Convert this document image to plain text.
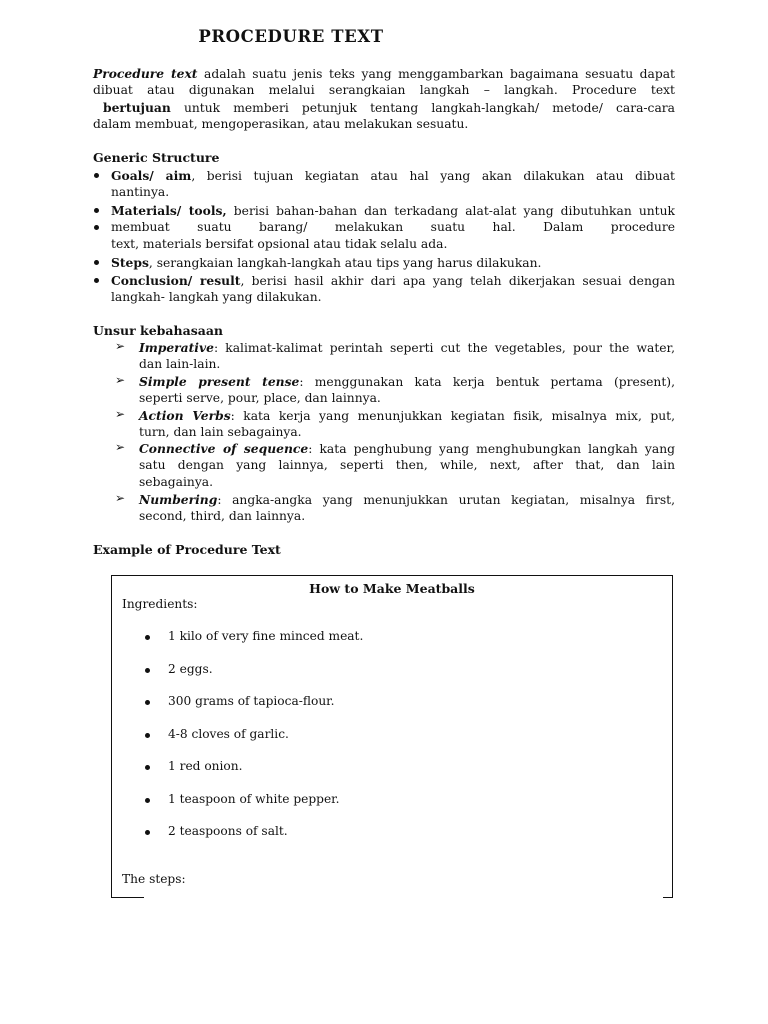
PROCEDURE TEXT
Procedure text adalah suatu jenis teks yang menggambarkan bagaimana sesuatu dapat
dibuat atau digunakan melalui serangkaian langkah – langkah. Procedure text
bertujuan untuk memberi petunjuk tentang langkah-langkah/ metode/ cara-cara
dalam membuat, mengoperasikan, atau melakukan sesuatu.
Generic Structure
Goals/ aim, berisi tujuan kegiatan atau hal yang akan dilakukan atau dibuat
nantinya.
Materials/ tools, berisi bahan-bahan dan terkadang alat-alat yang dibutuhkan untuk
membuat suatu barang/ melakukan suatu hal. Dalam procedure
text, materials bersifat opsional atau tidak selalu ada.
Steps, serangkaian langkah-langkah atau tips yang harus dilakukan.
Conclusion/ result, berisi hasil akhir dari apa yang telah dikerjakan sesuai dengan
langkah- langkah yang dilakukan.
Unsur kebahasaan
➢ Imperative: kalimat-kalimat perintah seperti cut the vegetables, pour the water,
dan lain-lain.
➢ Simple present tense: menggunakan kata kerja bentuk pertama (present),
seperti serve, pour, place, dan lainnya.
➢ Action Verbs: kata kerja yang menunjukkan kegiatan fisik, misalnya mix, put,
turn, dan lain sebagainya.
➢ Connective of sequence: kata penghubung yang menghubungkan langkah yang
satu dengan yang lainnya, seperti then, while, next, after that, dan lain
sebagainya.
➢ Numbering: angka-angka yang menunjukkan urutan kegiatan, misalnya first,
second, third, dan lainnya.
Example of Procedure Text
How to Make Meatballs
Ingredients:
1 kilo of very fine minced meat.
2 eggs.
300 grams of tapioca-flour.
4-8 cloves of garlic.
1 red onion.
1 teaspoon of white pepper.
2 teaspoons of salt.
The steps:
